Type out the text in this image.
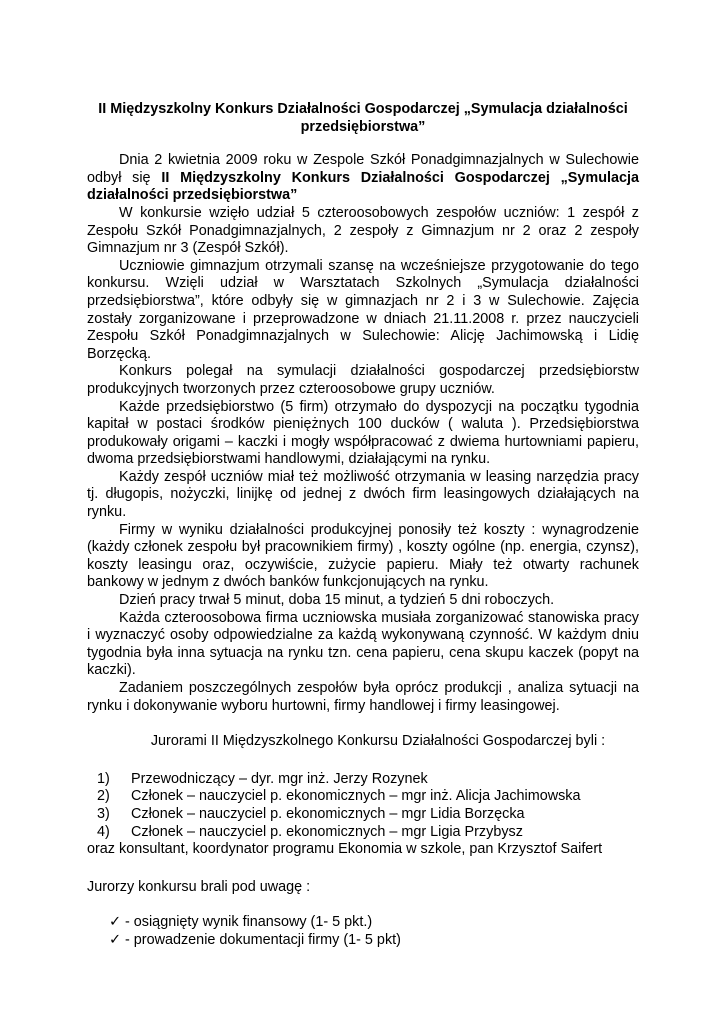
II Międzyszkolny Konkurs Działalności Gospodarczej „Symulacja działalności przedsiębiorstwa”

Dnia 2 kwietnia 2009 roku w Zespole Szkół Ponadgimnazjalnych w Sulechowie odbył się II Międzyszkolny Konkurs Działalności Gospodarczej „Symulacja działalności przedsiębiorstwa”

W konkursie wzięło udział 5 czteroosobowych zespołów uczniów: 1 zespół z Zespołu Szkół Ponadgimnazjalnych, 2 zespoły z Gimnazjum nr 2 oraz 2 zespoły Gimnazjum nr 3 (Zespół Szkół).

Uczniowie gimnazjum otrzymali szansę na wcześniejsze przygotowanie do tego konkursu. Wzięli udział w Warsztatach Szkolnych „Symulacja działalności przedsiębiorstwa”, które odbyły się w gimnazjach nr 2 i 3 w Sulechowie. Zajęcia zostały zorganizowane i przeprowadzone w dniach 21.11.2008 r. przez nauczycieli Zespołu Szkół Ponadgimnazjalnych w Sulechowie: Alicję Jachimowską i Lidię Borzęcką.

Konkurs polegał na symulacji działalności gospodarczej przedsiębiorstw produkcyjnych tworzonych przez czteroosobowe grupy uczniów.

Każde przedsiębiorstwo (5 firm) otrzymało do dyspozycji na początku tygodnia kapitał w postaci środków pieniężnych 100 ducków ( waluta ). Przedsiębiorstwa produkowały origami – kaczki i mogły współpracować z dwiema hurtowniami papieru, dwoma przedsiębiorstwami handlowymi, działającymi na rynku.

Każdy zespół uczniów miał też możliwość otrzymania w leasing narzędzia pracy tj. długopis, nożyczki, linijkę od jednej z dwóch firm leasingowych działających na rynku.

Firmy w wyniku działalności produkcyjnej ponosiły też koszty : wynagrodzenie (każdy członek zespołu był pracownikiem firmy) , koszty ogólne (np. energia, czynsz), koszty leasingu oraz, oczywiście, zużycie papieru. Miały też otwarty rachunek bankowy w jednym z dwóch banków funkcjonujących na rynku.

Dzień pracy trwał 5 minut, doba 15 minut, a tydzień 5 dni roboczych.

Każda czteroosobowa firma uczniowska musiała zorganizować stanowiska pracy i wyznaczyć osoby odpowiedzialne za każdą wykonywaną czynność. W każdym dniu tygodnia była inna sytuacja na rynku tzn. cena papieru, cena skupu kaczek (popyt na kaczki).

Zadaniem poszczególnych zespołów była oprócz produkcji , analiza sytuacji na rynku i dokonywanie wyboru hurtowni, firmy handlowej i firmy leasingowej.

Jurorami II Międzyszkolnego Konkursu Działalności Gospodarczej byli :

1) Przewodniczący – dyr. mgr inż. Jerzy Rozynek
2) Członek – nauczyciel p. ekonomicznych – mgr inż. Alicja Jachimowska
3) Członek – nauczyciel p. ekonomicznych – mgr Lidia Borzęcka
4) Członek – nauczyciel p. ekonomicznych – mgr Ligia Przybysz

oraz konsultant, koordynator programu Ekonomia w szkole, pan Krzysztof Saifert

Jurorzy konkursu brali pod uwagę :

✓ - osiągnięty wynik finansowy (1- 5 pkt.)
✓ - prowadzenie dokumentacji firmy (1- 5 pkt)
